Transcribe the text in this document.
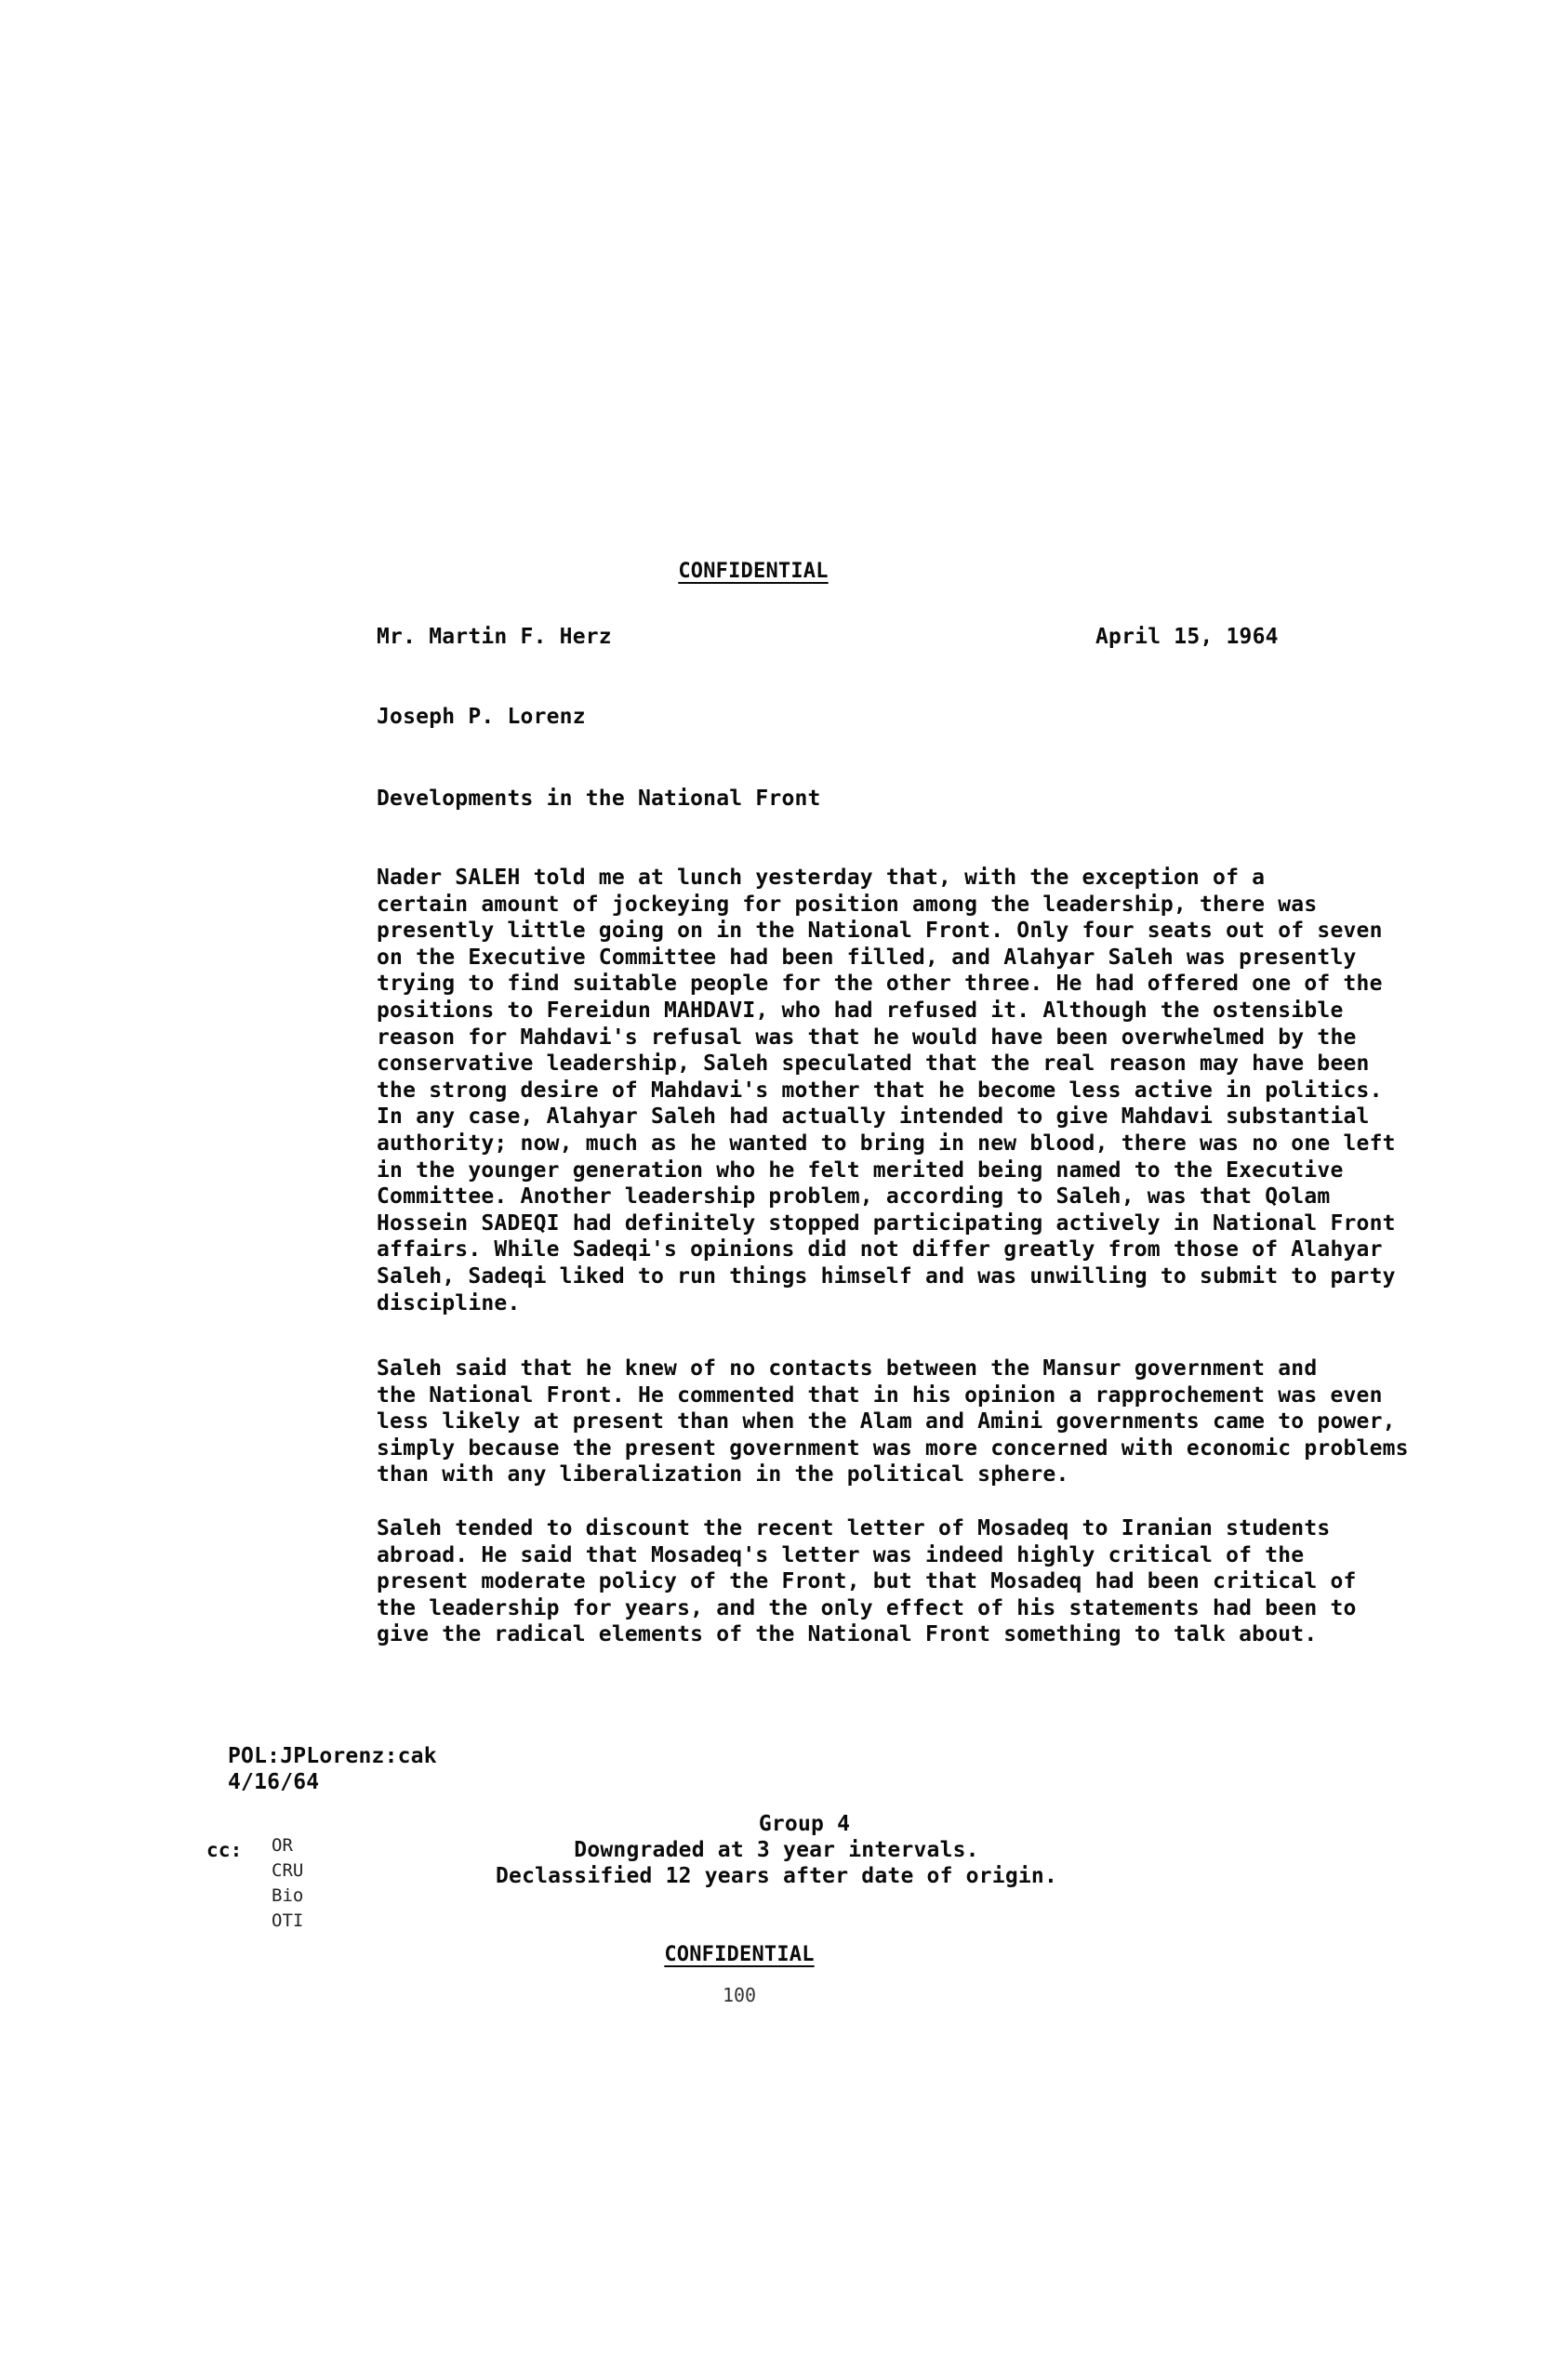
CONFIDENTIAL
Mr. Martin F. Herz	April 15, 1964
Joseph P. Lorenz
Developments in the National Front
Nader SALEH told me at lunch yesterday that, with the exception of a
certain amount of jockeying for position among the leadership, there was
presently little going on in the National Front. Only four seats out of seven
on the Executive Committee had been filled, and Alahyar Saleh was presently
trying to find suitable people for the other three. He had offered one of the
positions to Fereidun MAHDAVI, who had refused it. Although the ostensible
reason for Mahdavi's refusal was that he would have been overwhelmed by the
conservative leadership, Saleh speculated that the real reason may have been
the strong desire of Mahdavi's mother that he become less active in politics.
In any case, Alahyar Saleh had actually intended to give Mahdavi substantial
authority; now, much as he wanted to bring in new blood, there was no one left
in the younger generation who he felt merited being named to the Executive
Committee. Another leadership problem, according to Saleh, was that Qolam
Hossein SADEQI had definitely stopped participating actively in National Front
affairs. While Sadeqi's opinions did not differ greatly from those of Alahyar
Saleh, Sadeqi liked to run things himself and was unwilling to submit to party
discipline.
Saleh said that he knew of no contacts between the Mansur government and
the National Front. He commented that in his opinion a rapprochement was even
less likely at present than when the Alam and Amini governments came to power,
simply because the present government was more concerned with economic problems
than with any liberalization in the political sphere.
Saleh tended to discount the recent letter of Mosadeq to Iranian students
abroad. He said that Mosadeq's letter was indeed highly critical of the
present moderate policy of the Front, but that Mosadeq had been critical of
the leadership for years, and the only effect of his statements had been to
give the radical elements of the National Front something to talk about.
POL:JPLorenz:cak
4/16/64
cc: OR
CRU
Bio
OTI
Group 4
Downgraded at 3 year intervals.
Declassified 12 years after date of origin.
CONFIDENTIAL
100
